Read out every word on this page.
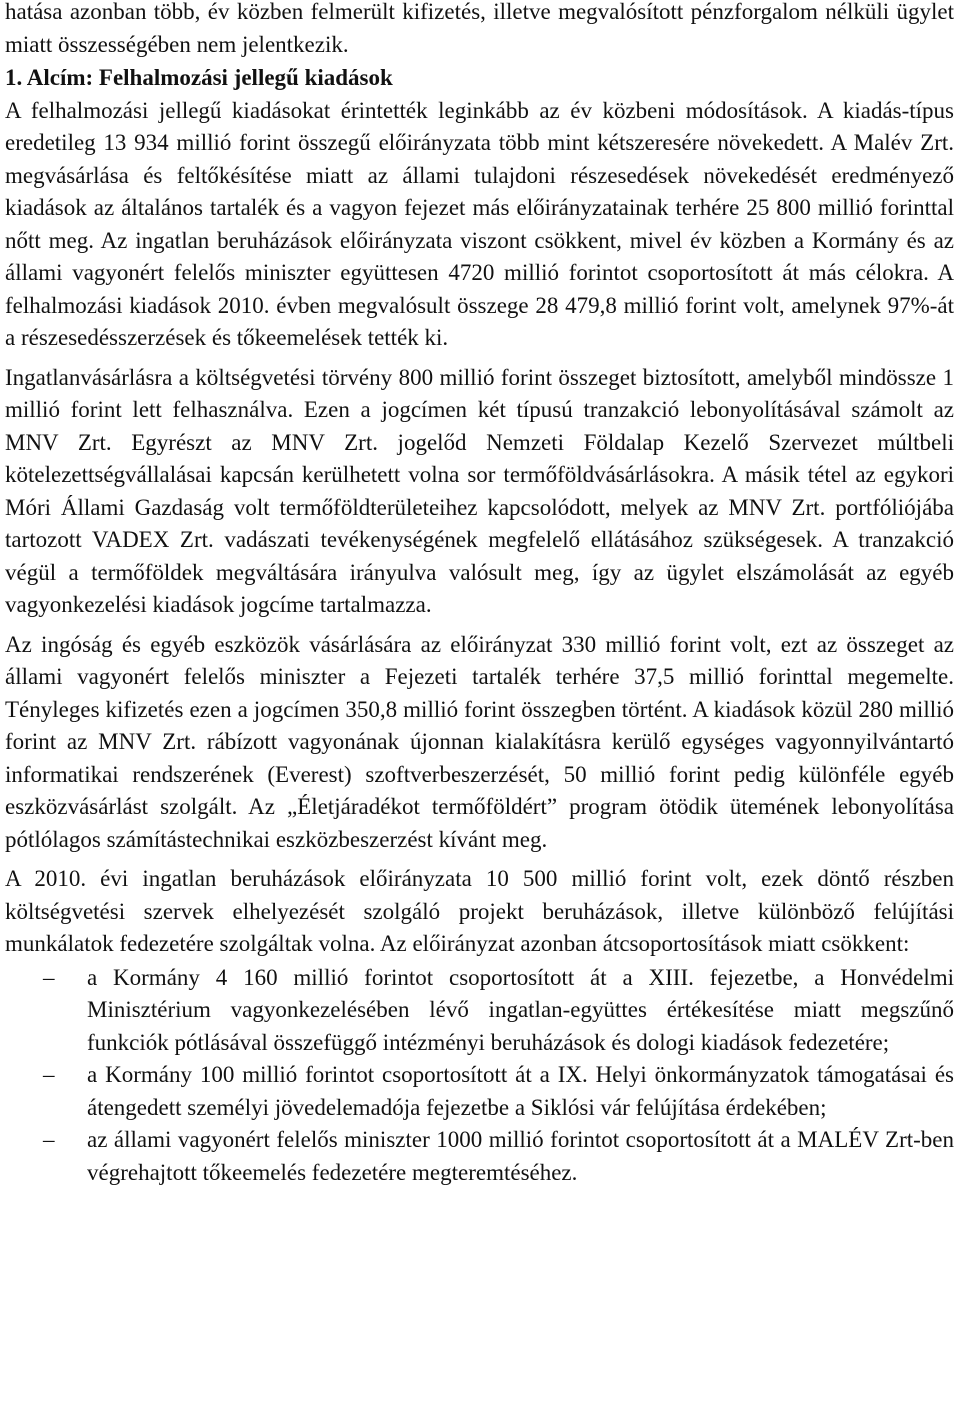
hatása azonban több, év közben felmerült kifizetés, illetve megvalósított pénzforgalom nélküli ügylet miatt összességében nem jelentkezik.

1. Alcím: Felhalmozási jellegű kiadások

A felhalmozási jellegű kiadásokat érintették leginkább az év közbeni módosítások. A kiadás-típus eredetileg 13 934 millió forint összegű előirányzata több mint kétszeresére növekedett. A Malév Zrt. megvásárlása és feltőkésítése miatt az állami tulajdoni részesedések növekedését eredményező kiadások az általános tartalék és a vagyon fejezet más előirányzatainak terhére 25 800 millió forinttal nőtt meg. Az ingatlan beruházások előirányzata viszont csökkent, mivel év közben a Kormány és az állami vagyonért felelős miniszter együttesen 4720 millió forintot csoportosított át más célokra. A felhalmozási kiadások 2010. évben megvalósult összege 28 479,8 millió forint volt, amelynek 97%-át a részesedésszerzések és tőkeemelések tették ki.

Ingatlanvásárlásra a költségvetési törvény 800 millió forint összeget biztosított, amelyből mindössze 1 millió forint lett felhasználva. Ezen a jogcímen két típusú tranzakció lebonyolításával számolt az MNV Zrt. Egyrészt az MNV Zrt. jogelőd Nemzeti Földalap Kezelő Szervezet múltbeli kötelezettségvállalásai kapcsán kerülhetett volna sor termőföldvásárlásokra. A másik tétel az egykori Móri Állami Gazdaság volt termőföldterületeihez kapcsolódott, melyek az MNV Zrt. portfóliójába tartozott VADEX Zrt. vadászati tevékenységének megfelelő ellátásához szükségesek. A tranzakció végül a termőföldek megváltására irányulva valósult meg, így az ügylet elszámolását az egyéb vagyonkezelési kiadások jogcíme tartalmazza.

Az ingóság és egyéb eszközök vásárlására az előirányzat 330 millió forint volt, ezt az összeget az állami vagyonért felelős miniszter a Fejezeti tartalék terhére 37,5 millió forinttal megemelte. Tényleges kifizetés ezen a jogcímen 350,8 millió forint összegben történt. A kiadások közül 280 millió forint az MNV Zrt. rábízott vagyonának újonnan kialakításra kerülő egységes vagyonnyilvántartó informatikai rendszerének (Everest) szoftverbeszerzését, 50 millió forint pedig különféle egyéb eszközvásárlást szolgált. Az „Életjáradékot termőföldért” program ötödik ütemének lebonyolítása pótlólagos számítástechnikai eszközbeszerzést kívánt meg.

A 2010. évi ingatlan beruházások előirányzata 10 500 millió forint volt, ezek döntő részben költségvetési szervek elhelyezését szolgáló projekt beruházások, illetve különböző felújítási munkálatok fedezetére szolgáltak volna. Az előirányzat azonban átcsoportosítások miatt csökkent:

– a Kormány 4 160 millió forintot csoportosított át a XIII. fejezetbe, a Honvédelmi Minisztérium vagyonkezelésében lévő ingatlan-együttes értékesítése miatt megszűnő funkciók pótlásával összefüggő intézményi beruházások és dologi kiadások fedezetére;
– a Kormány 100 millió forintot csoportosított át a IX. Helyi önkormányzatok támogatásai és átengedett személyi jövedelemadója fejezetbe a Siklósi vár felújítása érdekében;
– az állami vagyonért felelős miniszter 1000 millió forintot csoportosított át a MALÉV Zrt-ben végrehajtott tőkeemelés fedezetére megteremtéséhez.
